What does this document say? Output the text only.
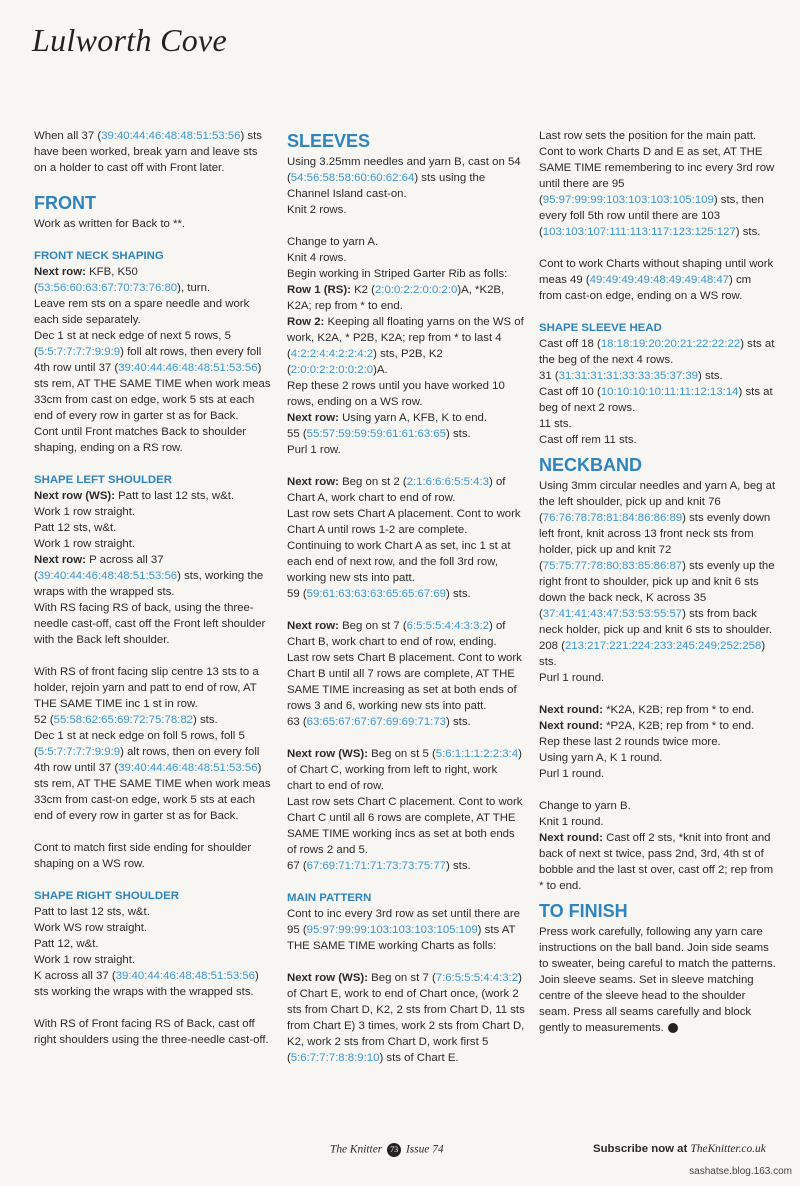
Lulworth Cove

When all 37 (39:40:44:46:48:48:51:53:56) sts have been worked, break yarn and leave sts on a holder to cast off with Front later.

FRONT

Work as written for Back to **.

FRONT NECK SHAPING

Next row: KFB, K50 (53:56:60:63:67:70:73:76:80), turn.

Leave rem sts on a spare needle and work each side separately.

Dec 1 st at neck edge of next 5 rows, 5 (5:5:7:7:7:7:9:9:9) foll alt rows, then every foll 4th row until 37 (39:40:44:46:48:48:51:53:56) sts rem, AT THE SAME TIME when work meas 33cm from cast on edge, work 5 sts at each end of every row in garter st as for Back.

Cont until Front matches Back to shoulder shaping, ending on a RS row.

SHAPE LEFT SHOULDER

Next row (WS): Patt to last 12 sts, w&t.

Work 1 row straight.

Patt 12 sts, w&t.

Work 1 row straight.

Next row: P across all 37 (39:40:44:46:48:48:51:53:56) sts, working the wraps with the wrapped sts.

With RS facing RS of back, using the three-needle cast-off, cast off the Front left shoulder with the Back left shoulder.

With RS of front facing slip centre 13 sts to a holder, rejoin yarn and patt to end of row, AT THE SAME TIME inc 1 st in row.

52 (55:58:62:65:69:72:75:78:82) sts.

Dec 1 st at neck edge on foll 5 rows, foll 5 (5:5:7:7:7:7:9:9:9) alt rows, then on every foll 4th row until 37 (39:40:44:46:48:48:51:53:56) sts rem, AT THE SAME TIME when work meas 33cm from cast-on edge, work 5 sts at each end of every row in garter st as for Back.

Cont to match first side ending for shoulder shaping on a WS row.

SHAPE RIGHT SHOULDER

Patt to last 12 sts, w&t.

Work WS row straight.

Patt 12, w&t.

Work 1 row straight.

K across all 37 (39:40:44:46:48:48:51:53:56) sts working the wraps with the wrapped sts.

With RS of Front facing RS of Back, cast off right shoulders using the three-needle cast-off.

SLEEVES

Using 3.25mm needles and yarn B, cast on 54 (54:56:58:58:60:60:62:64) sts using the Channel Island cast-on.

Knit 2 rows.

Change to yarn A.

Knit 4 rows.

Begin working in Striped Garter Rib as folls:

Row 1 (RS): K2 (2:0:0:2:2:0:0:2:0)A, *K2B, K2A; rep from * to end.

Row 2: Keeping all floating yarns on the WS of work, K2A, * P2B, K2A; rep from * to last 4 (4:2:2:4:4:2:2:4:2) sts, P2B, K2 (2:0:0:2:2:0:0:2:0)A.

Rep these 2 rows until you have worked 10 rows, ending on a WS row.

Next row: Using yarn A, KFB, K to end.

55 (55:57:59:59:59:61:61:63:65) sts.

Purl 1 row.

Next row: Beg on st 2 (2:1:6:6:6:5:5:4:3) of Chart A, work chart to end of row.

Last row sets Chart A placement. Cont to work Chart A until rows 1-2 are complete. Continuing to work Chart A as set, inc 1 st at each end of next row, and the foll 3rd row, working new sts into patt.

59 (59:61:63:63:63:65:65:67:69) sts.

Next row: Beg on st 7 (6:5:5:5:4:4:3:3:2) of Chart B, work chart to end of row, ending.

Last row sets Chart B placement. Cont to work Chart B until all 7 rows are complete, AT THE SAME TIME increasing as set at both ends of rows 3 and 6, working new sts into patt.

63 (63:65:67:67:67:69:69:71:73) sts.

Next row (WS): Beg on st 5 (5:6:1:1:1:2:2:3:4) of Chart C, working from left to right, work chart to end of row.

Last row sets Chart C placement. Cont to work Chart C until all 6 rows are complete, AT THE SAME TIME working incs as set at both ends of rows 2 and 5.

67 (67:69:71:71:71:73:73:75:77) sts.

MAIN PATTERN

Cont to inc every 3rd row as set until there are 95 (95:97:99:99:103:103:103:105:109) sts AT THE SAME TIME working Charts as folls:

Next row (WS): Beg on st 7 (7:6:5:5:5:4:4:3:2) of Chart E, work to end of Chart once, (work 2 sts from Chart D, K2, 2 sts from Chart D, 11 sts from Chart E) 3 times, work 2 sts from Chart D, K2, work 2 sts from Chart D, work first 5 (5:6:7:7:7:8:8:9:10) sts of Chart E.

Last row sets the position for the main patt. Cont to work Charts D and E as set, AT THE SAME TIME remembering to inc every 3rd row until there are 95 (95:97:99:99:103:103:103:105:109) sts, then every foll 5th row until there are 103 (103:103:107:111:113:117:123:125:127) sts.

Cont to work Charts without shaping until work meas 49 (49:49:49:49:48:49:49:48:47) cm from cast-on edge, ending on a WS row.

SHAPE SLEEVE HEAD

Cast off 18 (18:18:19:20:20:21:22:22:22) sts at the beg of the next 4 rows.

31 (31:31:31:31:33:33:35:37:39) sts.

Cast off 10 (10:10:10:10:11:11:12:13:14) sts at beg of next 2 rows.

11 sts.

Cast off rem 11 sts.

NECKBAND

Using 3mm circular needles and yarn A, beg at the left shoulder, pick up and knit 76 (76:76:78:78:81:84:86:86:89) sts evenly down left front, knit across 13 front neck sts from holder, pick up and knit 72 (75:75:77:78:80:83:85:86:87) sts evenly up the right front to shoulder, pick up and knit 6 sts down the back neck, K across 35 (37:41:41:43:47:53:53:55:57) sts from back neck holder, pick up and knit 6 sts to shoulder.

208 (213:217:221:224:233:245:249:252:258) sts.

Purl 1 round.

Next round: *K2A, K2B; rep from * to end.

Next round: *P2A, K2B; rep from * to end.

Rep these last 2 rounds twice more.

Using yarn A, K 1 round.

Purl 1 round.

Change to yarn B.

Knit 1 round.

Next round: Cast off 2 sts, *knit into front and back of next st twice, pass 2nd, 3rd, 4th st of bobble and the last st over, cast off 2; rep from * to end.

TO FINISH

Press work carefully, following any yarn care instructions on the ball band. Join side seams to sweater, being careful to match the patterns. Join sleeve seams. Set in sleeve matching centre of the sleeve head to the shoulder seam. Press all seams carefully and block gently to measurements.

The Knitter 73 Issue 74	Subscribe now at TheKnitter.co.uk
sashatse.blog.163.com
